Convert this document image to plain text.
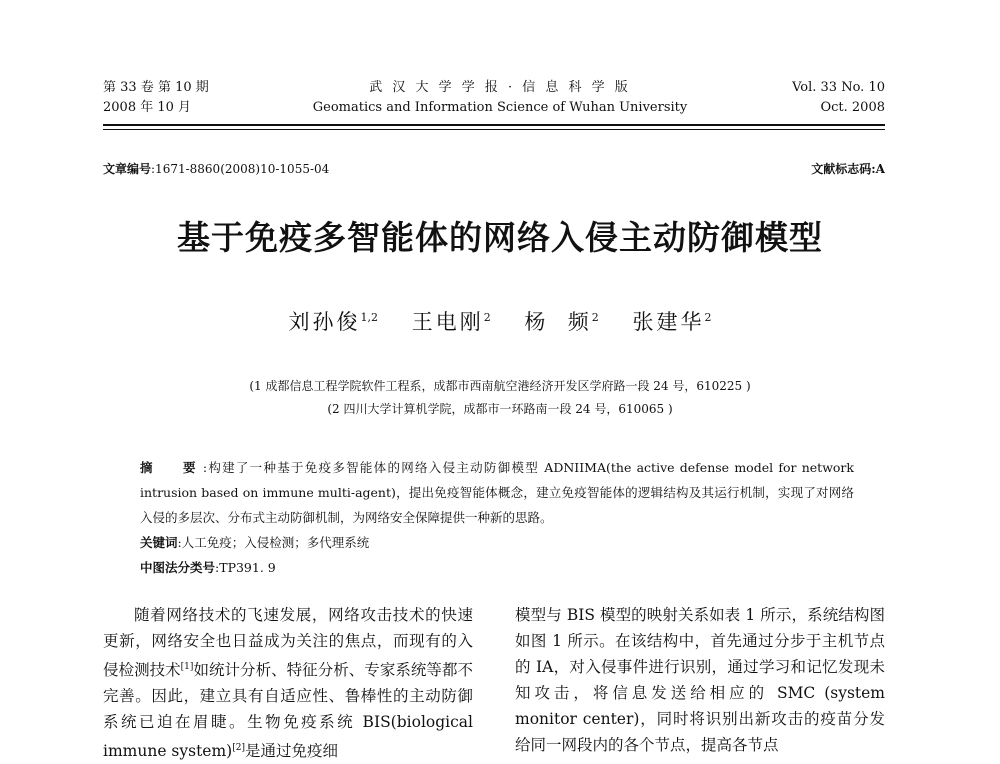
第 33 卷 第 10 期
2008 年 10 月
武 汉 大 学 学 报 · 信 息 科 学 版
Geomatics and Information Science of Wuhan University
Vol. 33 No. 10
Oct. 2008
文章编号:1671-8860(2008)10-1055-04	文献标志码:A
基于免疫多智能体的网络入侵主动防御模型
刘孙俊$^{1,2}$ 王电刚$^2$ 杨  频$^2$ 张建华$^2$
(1 成都信息工程学院软件工程系，成都市西南航空港经济开发区学府路一段 24 号，610225 )
(2 四川大学计算机学院，成都市一环路南一段 24 号，610065 )

摘  要:构建了一种基于免疫多智能体的网络入侵主动防御模型 ADNIIMA(the active defense model for network intrusion based on immune multi-agent)，提出免疫智能体概念，建立免疫智能体的逻辑结构及其运行机制，实现了对网络入侵的多层次、分布式主动防御机制，为网络安全保障提供一种新的思路。

关键词:人工免疫；入侵检测；多代理系统

中图法分类号:TP391. 9

随着网络技术的飞速发展，网络攻击技术的快速更新，网络安全也日益成为关注的焦点，而现有的入侵检测技术[1]如统计分析、特征分析、专家系统等都不完善。因此，建立具有自适应性、鲁棒性的主动防御系统已迫在眉睫。生物免疫系统 BIS(biological immune system)[2]是通过免疫细
模型与 BIS 模型的映射关系如表 1 所示，系统结构图如图 1 所示。在该结构中，首先通过分步于主机节点的 IA，对入侵事件进行识别，通过学习和记忆发现未知攻击，将信息发送给相应的 SMC (system monitor center)，同时将识别出新攻击的疫苗分发给同一网段内的各个节点，提高各节点
